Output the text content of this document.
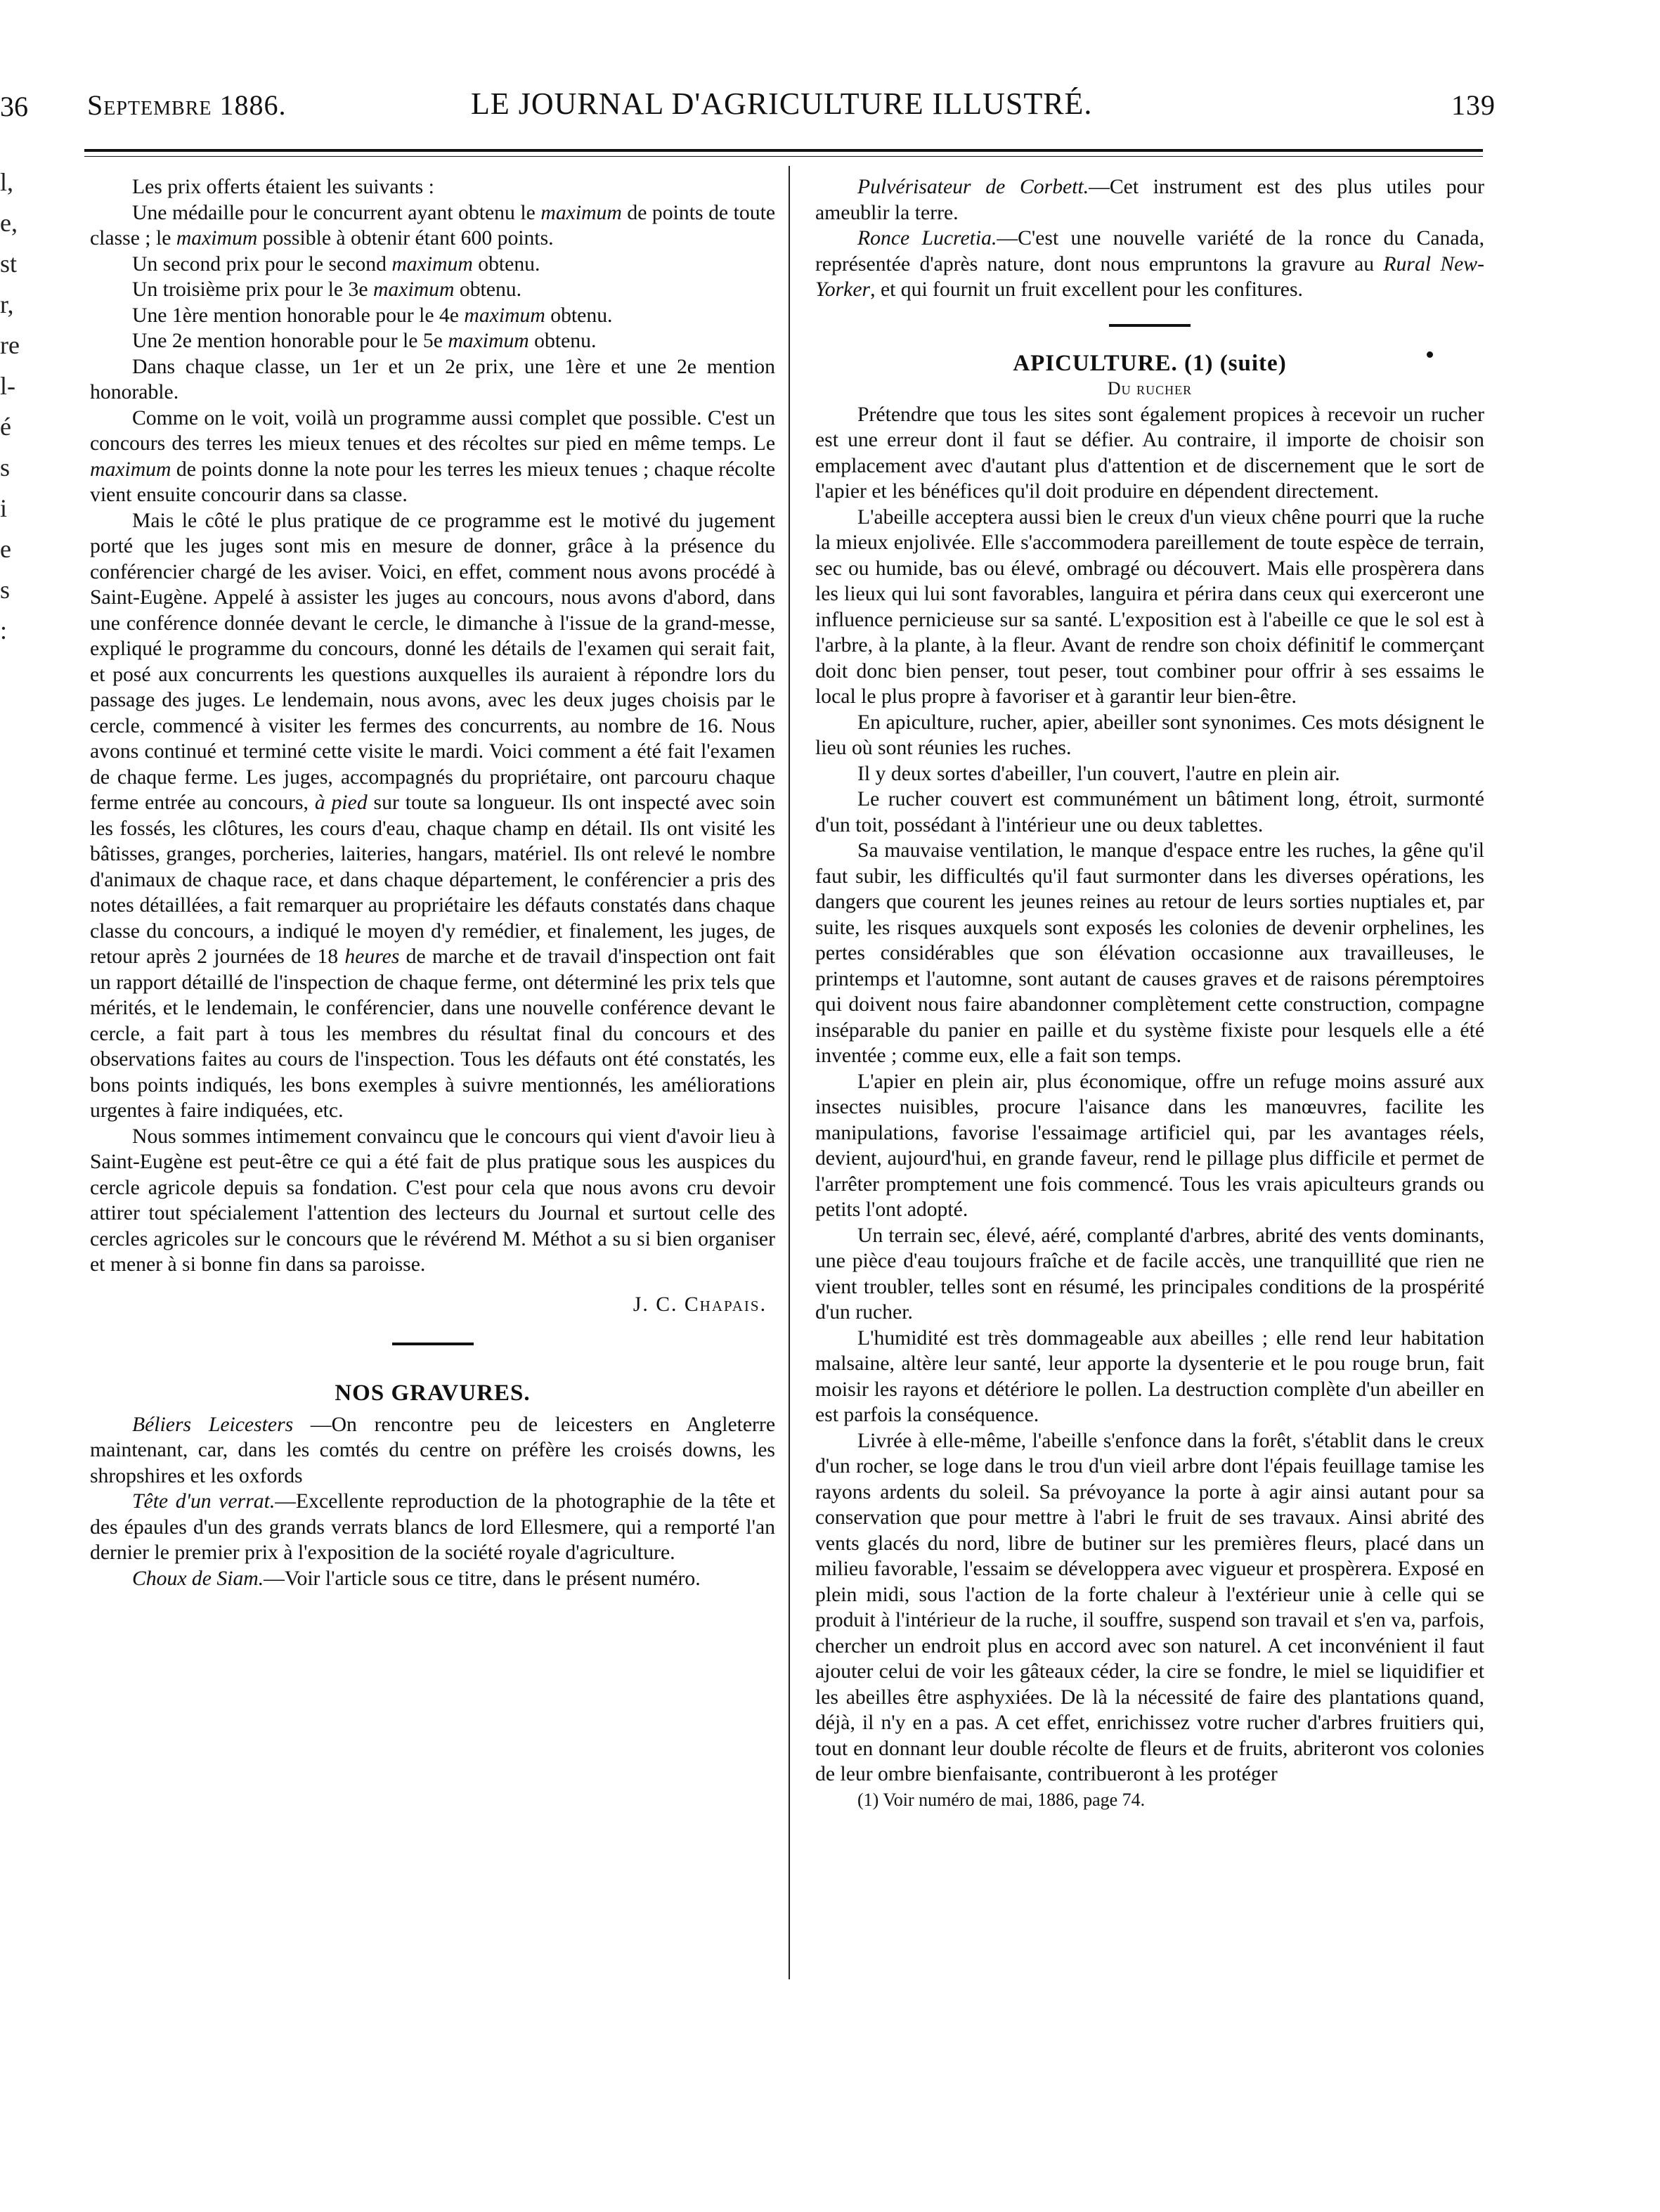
36
l,
e,
st
r,
re
l-
é
s
i
e
s
:
Septembre 1886.	LE JOURNAL D'AGRICULTURE ILLUSTRÉ.	139

Les prix offerts étaient les suivants :

Une médaille pour le concurrent ayant obtenu le maximum de points de toute classe ; le maximum possible à obtenir étant 600 points.

Un second prix pour le second maximum obtenu.

Un troisième prix pour le 3e maximum obtenu.

Une 1ère mention honorable pour le 4e maximum obtenu.

Une 2e mention honorable pour le 5e maximum obtenu.

Dans chaque classe, un 1er et un 2e prix, une 1ère et une 2e mention honorable.

Comme on le voit, voilà un programme aussi complet que possible. C'est un concours des terres les mieux tenues et des récoltes sur pied en même temps. Le maximum de points donne la note pour les terres les mieux tenues ; chaque récolte vient ensuite concourir dans sa classe.

Mais le côté le plus pratique de ce programme est le motivé du jugement porté que les juges sont mis en mesure de donner, grâce à la présence du conférencier chargé de les aviser. Voici, en effet, comment nous avons procédé à Saint-Eugène. Appelé à assister les juges au concours, nous avons d'abord, dans une conférence donnée devant le cercle, le dimanche à l'issue de la grand-messe, expliqué le programme du concours, donné les détails de l'examen qui serait fait, et posé aux concurrents les questions auxquelles ils auraient à répondre lors du passage des juges. Le lendemain, nous avons, avec les deux juges choisis par le cercle, commencé à visiter les fermes des concurrents, au nombre de 16. Nous avons continué et terminé cette visite le mardi. Voici comment a été fait l'examen de chaque ferme. Les juges, accompagnés du propriétaire, ont parcouru chaque ferme entrée au concours, à pied sur toute sa longueur. Ils ont inspecté avec soin les fossés, les clôtures, les cours d'eau, chaque champ en détail. Ils ont visité les bâtisses, granges, porcheries, laiteries, hangars, matériel. Ils ont relevé le nombre d'animaux de chaque race, et dans chaque département, le conférencier a pris des notes détaillées, a fait remarquer au propriétaire les défauts constatés dans chaque classe du concours, a indiqué le moyen d'y remédier, et finalement, les juges, de retour après 2 journées de 18 heures de marche et de travail d'inspection ont fait un rapport détaillé de l'inspection de chaque ferme, ont déterminé les prix tels que mérités, et le lendemain, le conférencier, dans une nouvelle conférence devant le cercle, a fait part à tous les membres du résultat final du concours et des observations faites au cours de l'inspection. Tous les défauts ont été constatés, les bons points indiqués, les bons exemples à suivre mentionnés, les améliorations urgentes à faire indiquées, etc.

Nous sommes intimement convaincu que le concours qui vient d'avoir lieu à Saint-Eugène est peut-être ce qui a été fait de plus pratique sous les auspices du cercle agricole depuis sa fondation. C'est pour cela que nous avons cru devoir attirer tout spécialement l'attention des lecteurs du Journal et surtout celle des cercles agricoles sur le concours que le révérend M. Méthot a su si bien organiser et mener à si bonne fin dans sa paroisse.

J. C. Chapais.

NOS GRAVURES.

Béliers Leicesters —On rencontre peu de leicesters en Angleterre maintenant, car, dans les comtés du centre on préfère les croisés downs, les shropshires et les oxfords

Tête d'un verrat.—Excellente reproduction de la photographie de la tête et des épaules d'un des grands verrats blancs de lord Ellesmere, qui a remporté l'an dernier le premier prix à l'exposition de la société royale d'agriculture.

Choux de Siam.—Voir l'article sous ce titre, dans le présent numéro.

Pulvérisateur de Corbett.—Cet instrument est des plus utiles pour ameublir la terre.

Ronce Lucretia.—C'est une nouvelle variété de la ronce du Canada, représentée d'après nature, dont nous empruntons la gravure au Rural New-Yorker, et qui fournit un fruit excellent pour les confitures.

APICULTURE. (1) (suite)

Du rucher

Prétendre que tous les sites sont également propices à recevoir un rucher est une erreur dont il faut se défier. Au contraire, il importe de choisir son emplacement avec d'autant plus d'attention et de discernement que le sort de l'apier et les bénéfices qu'il doit produire en dépendent directement.

L'abeille acceptera aussi bien le creux d'un vieux chêne pourri que la ruche la mieux enjolivée. Elle s'accommodera pareillement de toute espèce de terrain, sec ou humide, bas ou élevé, ombragé ou découvert. Mais elle prospèrera dans les lieux qui lui sont favorables, languira et périra dans ceux qui exerceront une influence pernicieuse sur sa santé. L'exposition est à l'abeille ce que le sol est à l'arbre, à la plante, à la fleur. Avant de rendre son choix définitif le commerçant doit donc bien penser, tout peser, tout combiner pour offrir à ses essaims le local le plus propre à favoriser et à garantir leur bien-être.

En apiculture, rucher, apier, abeiller sont synonimes. Ces mots désignent le lieu où sont réunies les ruches.

Il y deux sortes d'abeiller, l'un couvert, l'autre en plein air.

Le rucher couvert est communément un bâtiment long, étroit, surmonté d'un toit, possédant à l'intérieur une ou deux tablettes.

Sa mauvaise ventilation, le manque d'espace entre les ruches, la gêne qu'il faut subir, les difficultés qu'il faut surmonter dans les diverses opérations, les dangers que courent les jeunes reines au retour de leurs sorties nuptiales et, par suite, les risques auxquels sont exposés les colonies de devenir orphelines, les pertes considérables que son élévation occasionne aux travailleuses, le printemps et l'automne, sont autant de causes graves et de raisons péremptoires qui doivent nous faire abandonner complètement cette construction, compagne inséparable du panier en paille et du système fixiste pour lesquels elle a été inventée ; comme eux, elle a fait son temps.

L'apier en plein air, plus économique, offre un refuge moins assuré aux insectes nuisibles, procure l'aisance dans les manœuvres, facilite les manipulations, favorise l'essaimage artificiel qui, par les avantages réels, devient, aujourd'hui, en grande faveur, rend le pillage plus difficile et permet de l'arrêter promptement une fois commencé. Tous les vrais apiculteurs grands ou petits l'ont adopté.

Un terrain sec, élevé, aéré, complanté d'arbres, abrité des vents dominants, une pièce d'eau toujours fraîche et de facile accès, une tranquillité que rien ne vient troubler, telles sont en résumé, les principales conditions de la prospérité d'un rucher.

L'humidité est très dommageable aux abeilles ; elle rend leur habitation malsaine, altère leur santé, leur apporte la dysenterie et le pou rouge brun, fait moisir les rayons et détériore le pollen. La destruction complète d'un abeiller en est parfois la conséquence.

Livrée à elle-même, l'abeille s'enfonce dans la forêt, s'établit dans le creux d'un rocher, se loge dans le trou d'un vieil arbre dont l'épais feuillage tamise les rayons ardents du soleil. Sa prévoyance la porte à agir ainsi autant pour sa conservation que pour mettre à l'abri le fruit de ses travaux. Ainsi abrité des vents glacés du nord, libre de butiner sur les premières fleurs, placé dans un milieu favorable, l'essaim se développera avec vigueur et prospèrera. Exposé en plein midi, sous l'action de la forte chaleur à l'extérieur unie à celle qui se produit à l'intérieur de la ruche, il souffre, suspend son travail et s'en va, parfois, chercher un endroit plus en accord avec son naturel. A cet inconvénient il faut ajouter celui de voir les gâteaux céder, la cire se fondre, le miel se liquidifier et les abeilles être asphyxiées. De là la nécessité de faire des plantations quand, déjà, il n'y en a pas. A cet effet, enrichissez votre rucher d'arbres fruitiers qui, tout en donnant leur double récolte de fleurs et de fruits, abriteront vos colonies de leur ombre bienfaisante, contribueront à les protéger

(1) Voir numéro de mai, 1886, page 74.
